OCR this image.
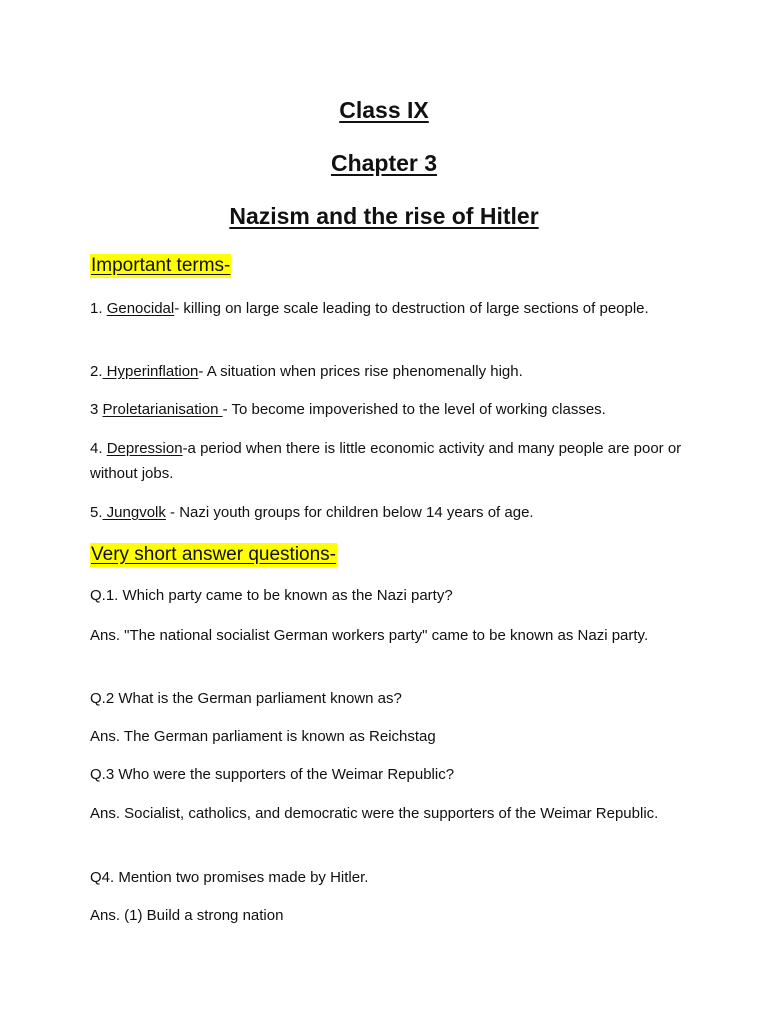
Class IX
Chapter 3
Nazism and the rise of Hitler
Important terms-

1. Genocidal- killing on large scale leading to destruction of large sections of people.

2. Hyperinflation- A situation when prices rise phenomenally high.

3 Proletarianisation - To become impoverished to the level of working classes.

4. Depression-a period when there is little economic activity and many people are poor or without jobs.

5. Jungvolk - Nazi youth groups for children below 14 years of age.

Very short answer questions-

Q.1. Which party came to be known as the Nazi party?

Ans. "The national socialist German workers party" came to be known as Nazi party.

Q.2 What is the German parliament known as?

Ans. The German parliament is known as Reichstag

Q.3 Who were the supporters of the Weimar Republic?

Ans. Socialist, catholics, and democratic were the supporters of the Weimar Republic.

Q4. Mention two promises made by Hitler.

Ans. (1) Build a strong nation
